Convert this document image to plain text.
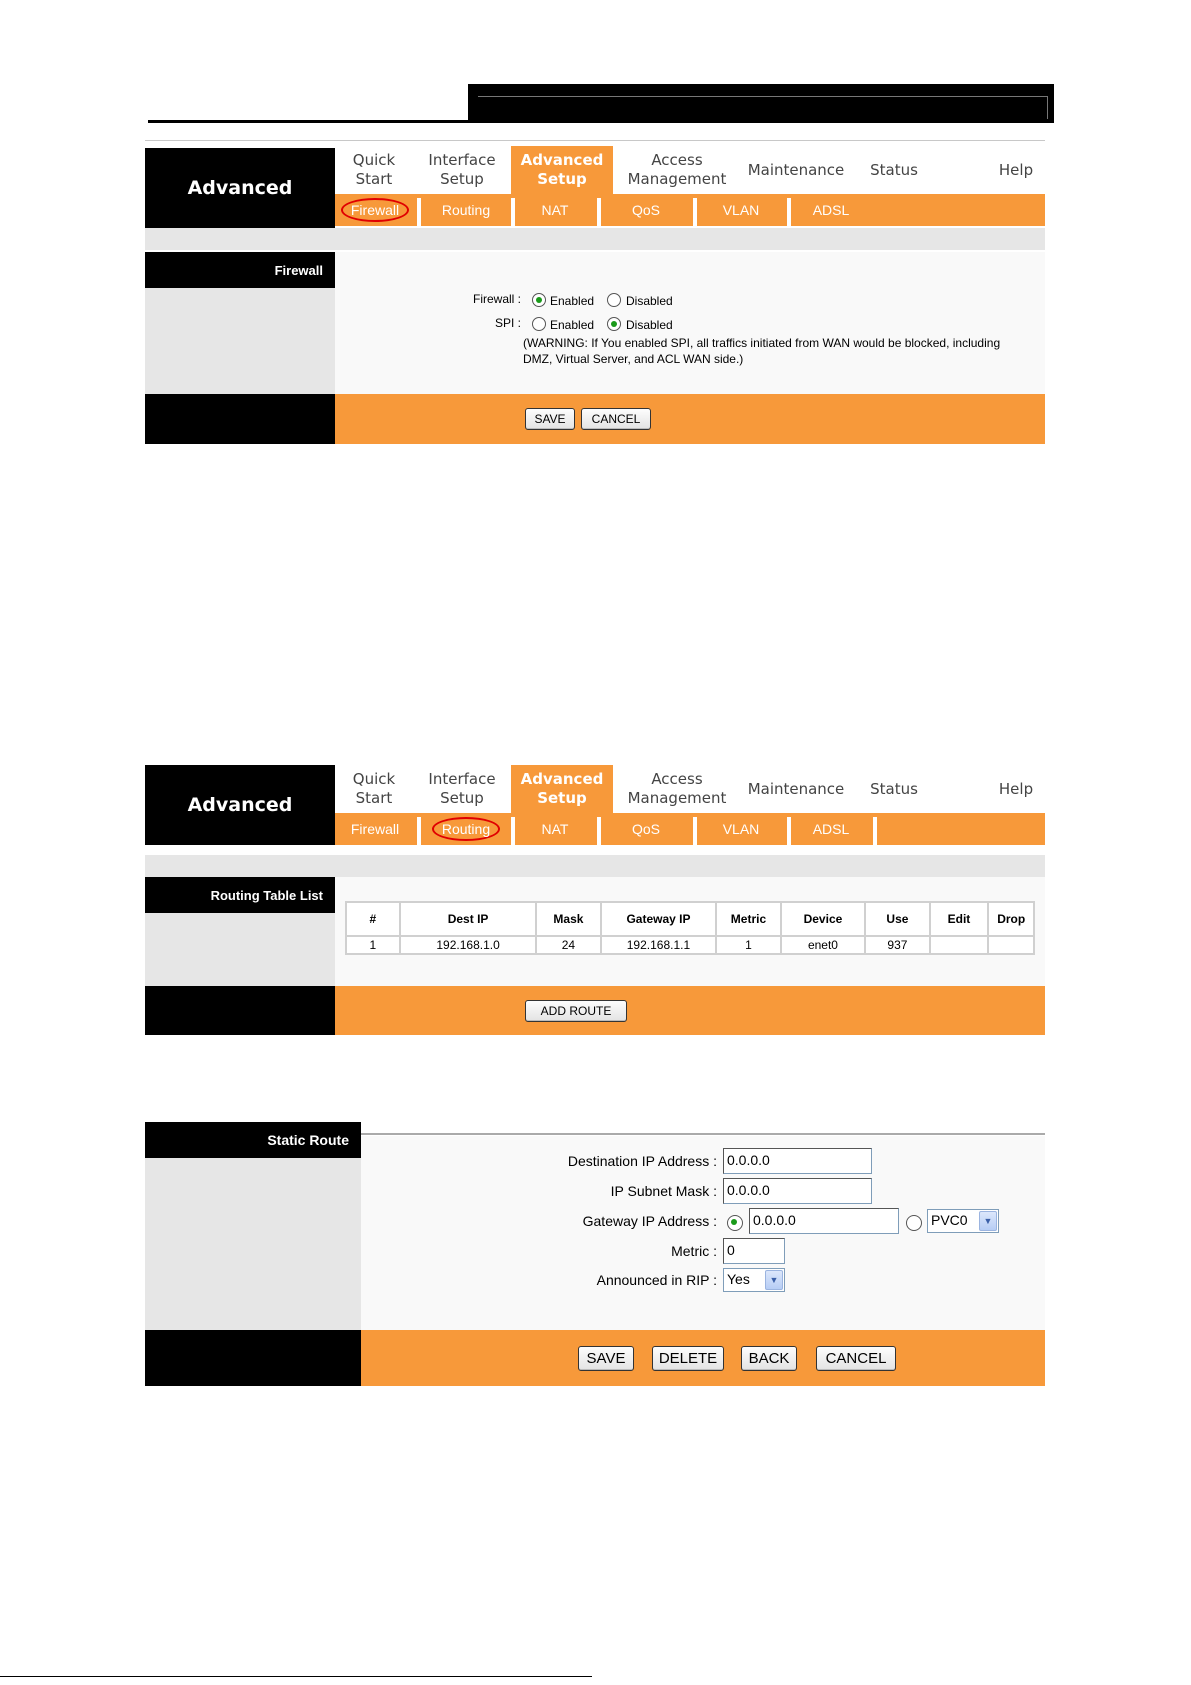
Advanced
Quick
Start
Interface
Setup
Advanced
Setup
Access
Management
Maintenance	Status	Help
Firewall	Routing	NAT	QoS	VLAN	ADSL
Firewall
Firewall : Enabled	Disabled
SPI : Enabled	Disabled
(WARNING: If You enabled SPI, all traffics initiated from WAN would be blocked, including
DMZ, Virtual Server, and ACL WAN side.)
SAVE	CANCEL
Advanced
Quick
Start
Interface
Setup
Advanced
Setup
Access
Management
Maintenance	Status	Help
Firewall	Routing	NAT	QoS	VLAN	ADSL
Routing Table List
#	Dest IP	Mask	Gateway IP	Metric	Device	Use	Edit	Drop
1	192.168.1.0	24	192.168.1.1	1	enet0	937		
ADD ROUTE
Static Route
Destination IP Address : 0.0.0.0
IP Subnet Mask : 0.0.0.0
Gateway IP Address :	0.0.0.0	PVC0	▼
Metric : 0
Announced in RIP : Yes	▼
SAVE	DELETE	BACK	CANCEL
